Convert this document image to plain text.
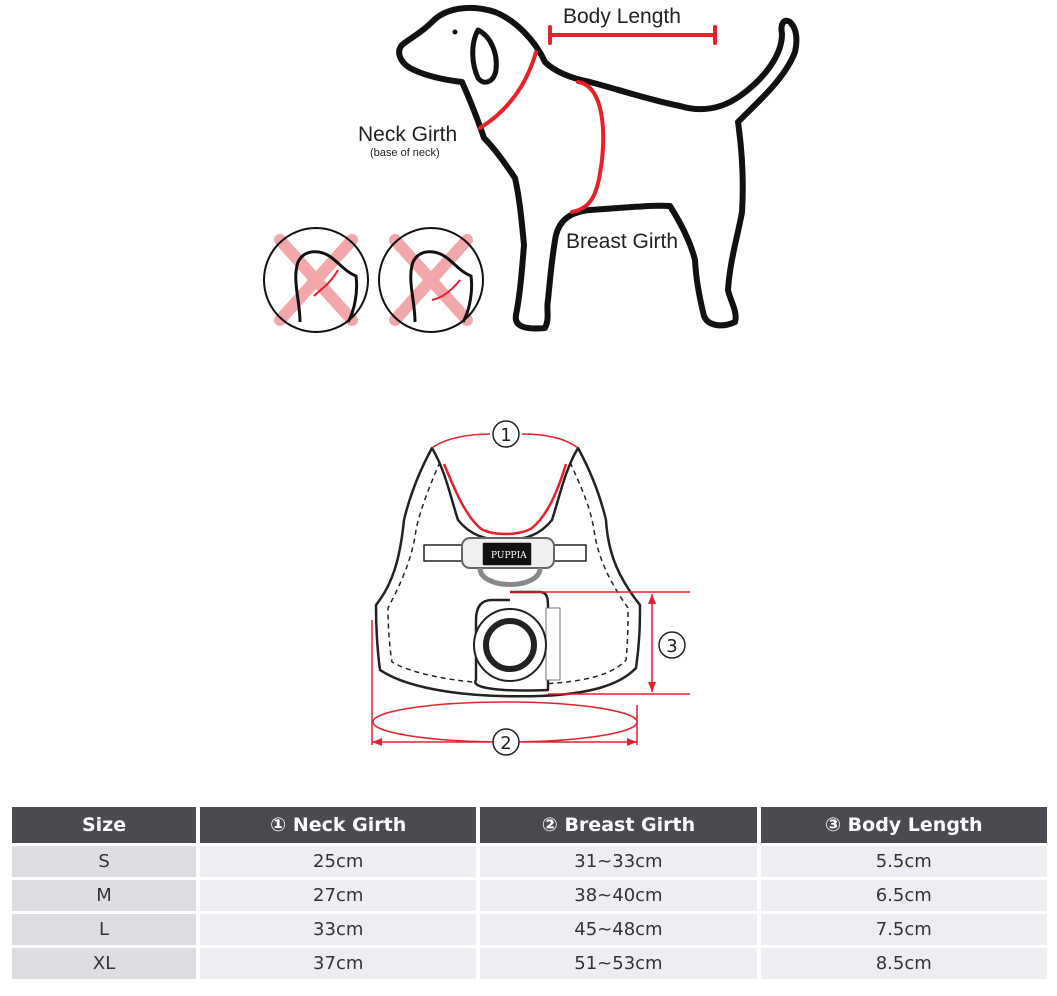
Body Length
Neck Girth
(base of neck)
Breast Girth
PUPPIA
1
2
3
Size	① Neck Girth	② Breast Girth	③ Body Length
S	25cm	31~33cm	5.5cm
M	27cm	38~40cm	6.5cm
L	33cm	45~48cm	7.5cm
XL	37cm	51~53cm	8.5cm
